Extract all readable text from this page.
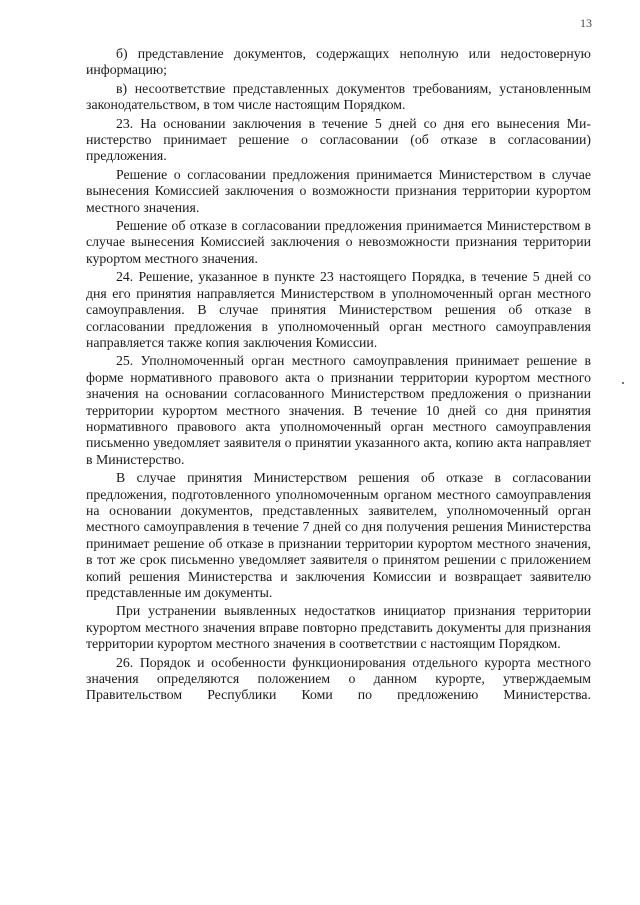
13

б) представление документов, содержащих неполную или недостоверную информацию;

в) несоответствие представленных документов требованиям, установленным законодательством, в том числе настоящим Порядком.

23. На основании заключения в течение 5 дней со дня его вынесения Министерство принимает решение о согласовании (об отказе в согласовании) предложения.

Решение о согласовании предложения принимается Министерством в случае вынесения Комиссией заключения о возможности признания территории курортом местного значения.

Решение об отказе в согласовании предложения принимается Министерством в случае вынесения Комиссией заключения о невозможности признания территории курортом местного значения.

24. Решение, указанное в пункте 23 настоящего Порядка, в течение 5 дней со дня его принятия направляется Министерством в уполномоченный орган местного самоуправления. В случае принятия Министерством решения об отказе в согласовании предложения в уполномоченный орган местного самоуправления направляется также копия заключения Комиссии.

25. Уполномоченный орган местного самоуправления принимает решение в форме нормативного правового акта о признании территории курортом местного значения на основании согласованного Министерством предложения о признании территории курортом местного значения. В течение 10 дней со дня принятия нормативного правового акта уполномоченный орган местного самоуправления письменно уведомляет заявителя о принятии указанного акта, копию акта направляет в Министерство.

В случае принятия Министерством решения об отказе в согласовании предложения, подготовленного уполномоченным органом местного самоуправления на основании документов, представленных заявителем, уполномоченный орган местного самоуправления в течение 7 дней со дня получения решения Министерства принимает решение об отказе в признании территории курортом местного значения, в тот же срок письменно уведомляет заявителя о принятом решении с приложением копий решения Министерства и заключения Комиссии и возвращает заявителю представленные им документы.

При устранении выявленных недостатков инициатор признания территории курортом местного значения вправе повторно представить документы для признания территории курортом местного значения в соответствии с настоящим Порядком.

26. Порядок и особенности функционирования отдельного курорта местного значения определяются положением о данном курорте, утверждаемым Правительством Республики Коми по предложению Министерства.
